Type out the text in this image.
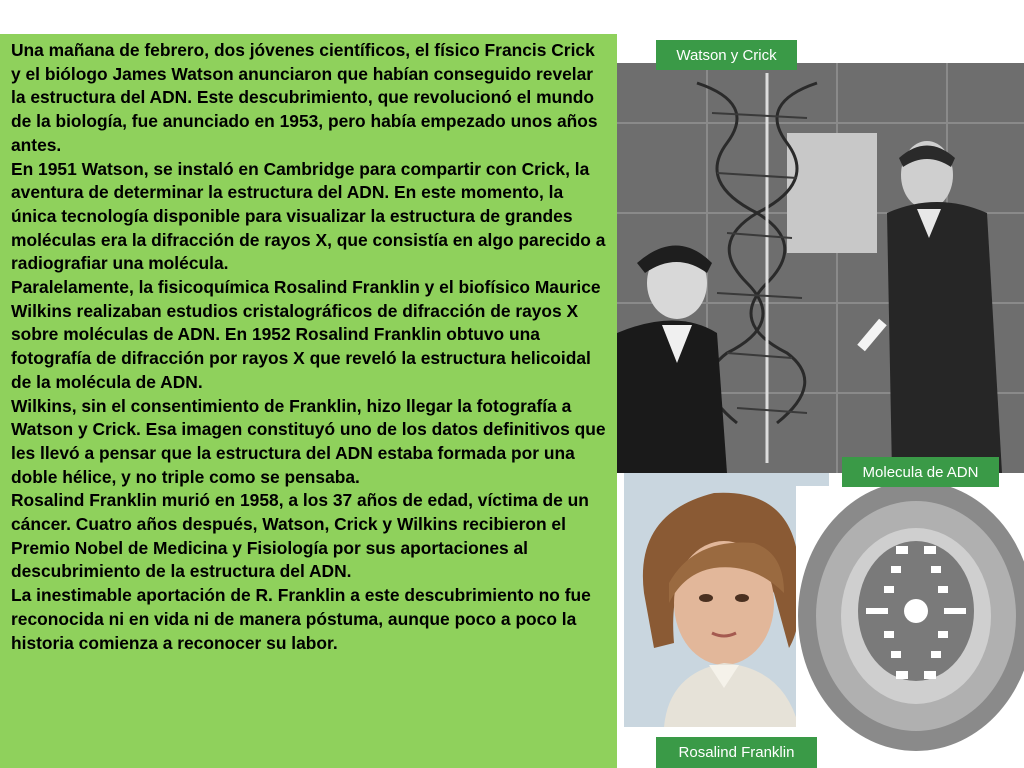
Una mañana de febrero, dos jóvenes científicos, el físico Francis Crick y el biólogo James Watson anunciaron que habían conseguido revelar la estructura del ADN. Este descubrimiento, que revolucionó el mundo de la biología, fue anunciado en 1953, pero había empezado unos años antes.

En 1951 Watson, se instaló en Cambridge para compartir con Crick, la aventura de determinar la estructura del ADN. En este momento, la única tecnología disponible para visualizar la estructura de grandes moléculas era la difracción de rayos X, que consistía en algo parecido a radiografiar una molécula.

Paralelamente, la fisicoquímica Rosalind Franklin y el biofísico Maurice Wilkins realizaban estudios cristalográficos de difracción de rayos X sobre moléculas de ADN. En 1952 Rosalind Franklin obtuvo una fotografía de difracción por rayos X que reveló la estructura helicoidal de la molécula de ADN.

Wilkins, sin el consentimiento de Franklin, hizo llegar la fotografía a Watson y Crick. Esa imagen constituyó uno de los datos definitivos que les llevó a pensar que la estructura del ADN estaba formada por una doble hélice, y no triple como se pensaba.

Rosalind Franklin murió en 1958, a los 37 años de edad, víctima de un cáncer. Cuatro años después, Watson, Crick y Wilkins recibieron el Premio Nobel de Medicina y Fisiología por sus aportaciones al descubrimiento de la estructura del ADN.

La inestimable aportación de R. Franklin a este descubrimiento no fue reconocida ni en vida ni de manera póstuma, aunque poco a poco la historia comienza a reconocer su labor.

Watson y Crick
Molecula de ADN
Rosalind Franklin
